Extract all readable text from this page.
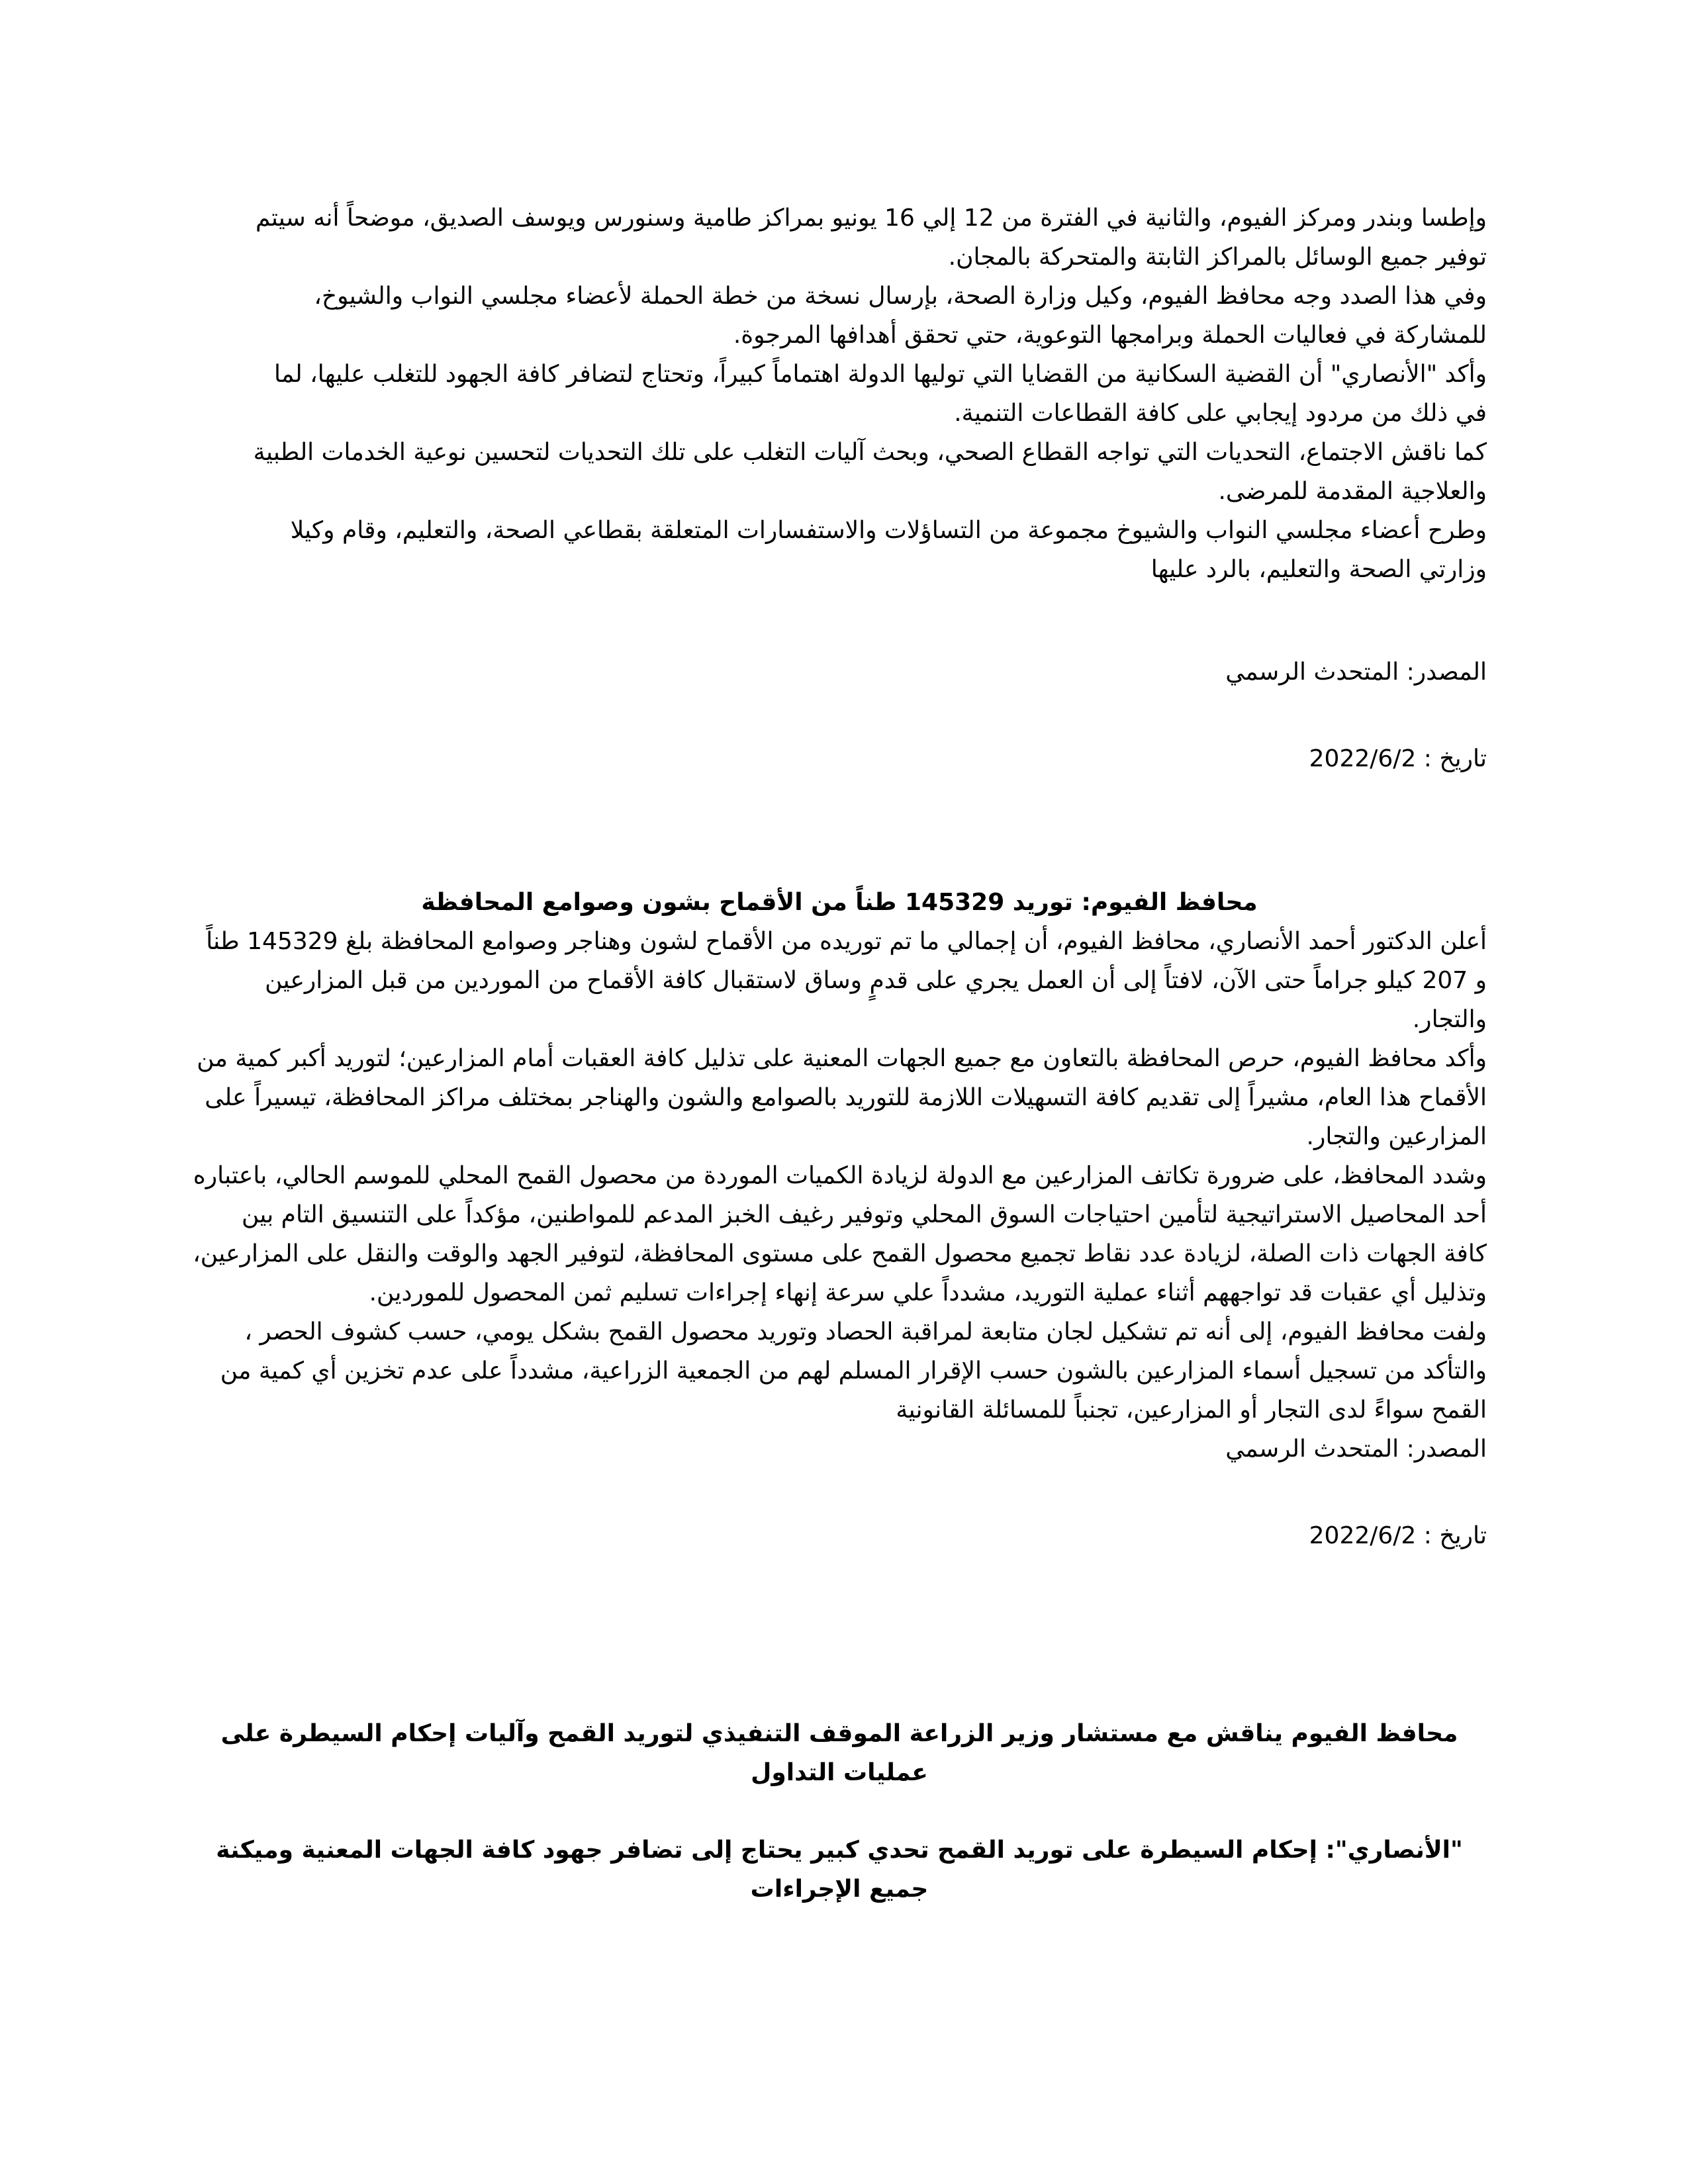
وإطسا وبندر ومركز الفيوم، والثانية في الفترة من 12 إلي 16 يونيو بمراكز طامية وسنورس ويوسف الصديق، موضحاً أنه سيتم توفير جميع الوسائل بالمراكز الثابتة والمتحركة بالمجان.

وفي هذا الصدد وجه محافظ الفيوم، وكيل وزارة الصحة، بإرسال نسخة من خطة الحملة لأعضاء مجلسي النواب والشيوخ، للمشاركة في فعاليات الحملة وبرامجها التوعوية، حتي تحقق أهدافها المرجوة.

وأكد "الأنصاري" أن القضية السكانية من القضايا التي توليها الدولة اهتماماً كبيراً، وتحتاج لتضافر كافة الجهود للتغلب عليها، لما في ذلك من مردود إيجابي على كافة القطاعات التنمية.

كما ناقش الاجتماع، التحديات التي تواجه القطاع الصحي، وبحث آليات التغلب على تلك التحديات لتحسين نوعية الخدمات الطبية والعلاجية المقدمة للمرضى.

وطرح أعضاء مجلسي النواب والشيوخ مجموعة من التساؤلات والاستفسارات المتعلقة بقطاعي الصحة، والتعليم، وقام وكيلا وزارتي الصحة والتعليم، بالرد عليها

المصدر: المتحدث الرسمي

تاريخ : 2022/6/2

محافظ الفيوم: توريد 145329 طناً من الأقماح بشون وصوامع المحافظة

أعلن الدكتور أحمد الأنصاري، محافظ الفيوم، أن إجمالي ما تم توريده من الأقماح لشون وهناجر وصوامع المحافظة بلغ 145329 طناً و 207 كيلو جراماً حتى الآن، لافتاً إلى أن العمل يجري على قدمٍ وساق لاستقبال كافة الأقماح من الموردين من قبل المزارعين والتجار.

وأكد محافظ الفيوم، حرص المحافظة بالتعاون مع جميع الجهات المعنية على تذليل كافة العقبات أمام المزارعين؛ لتوريد أكبر كمية من الأقماح هذا العام، مشيراً إلى تقديم كافة التسهيلات اللازمة للتوريد بالصوامع والشون والهناجر بمختلف مراكز المحافظة، تيسيراً على المزارعين والتجار.

وشدد المحافظ، على ضرورة تكاتف المزارعين مع الدولة لزيادة الكميات الموردة من محصول القمح المحلي للموسم الحالي، باعتباره أحد المحاصيل الاستراتيجية لتأمين احتياجات السوق المحلي وتوفير رغيف الخبز المدعم للمواطنين، مؤكداً على التنسيق التام بين كافة الجهات ذات الصلة، لزيادة عدد نقاط تجميع محصول القمح على مستوى المحافظة، لتوفير الجهد والوقت والنقل على المزارعين، وتذليل أي عقبات قد تواجههم أثناء عملية التوريد، مشدداً علي سرعة إنهاء إجراءات تسليم ثمن المحصول للموردين.

ولفت محافظ الفيوم، إلى أنه تم تشكيل لجان متابعة لمراقبة الحصاد وتوريد محصول القمح بشكل يومي، حسب كشوف الحصر ، والتأكد من تسجيل أسماء المزارعين بالشون حسب الإقرار المسلم لهم من الجمعية الزراعية، مشدداً على عدم تخزين أي كمية من القمح سواءً لدى التجار أو المزارعين، تجنباً للمسائلة القانونية

المصدر: المتحدث الرسمي

تاريخ : 2022/6/2

محافظ الفيوم يناقش مع مستشار وزير الزراعة الموقف التنفيذي لتوريد القمح وآليات إحكام السيطرة على عمليات التداول

"الأنصاري": إحكام السيطرة على توريد القمح تحدي كبير يحتاج إلى تضافر جهود كافة الجهات المعنية وميكنة جميع الإجراءات
